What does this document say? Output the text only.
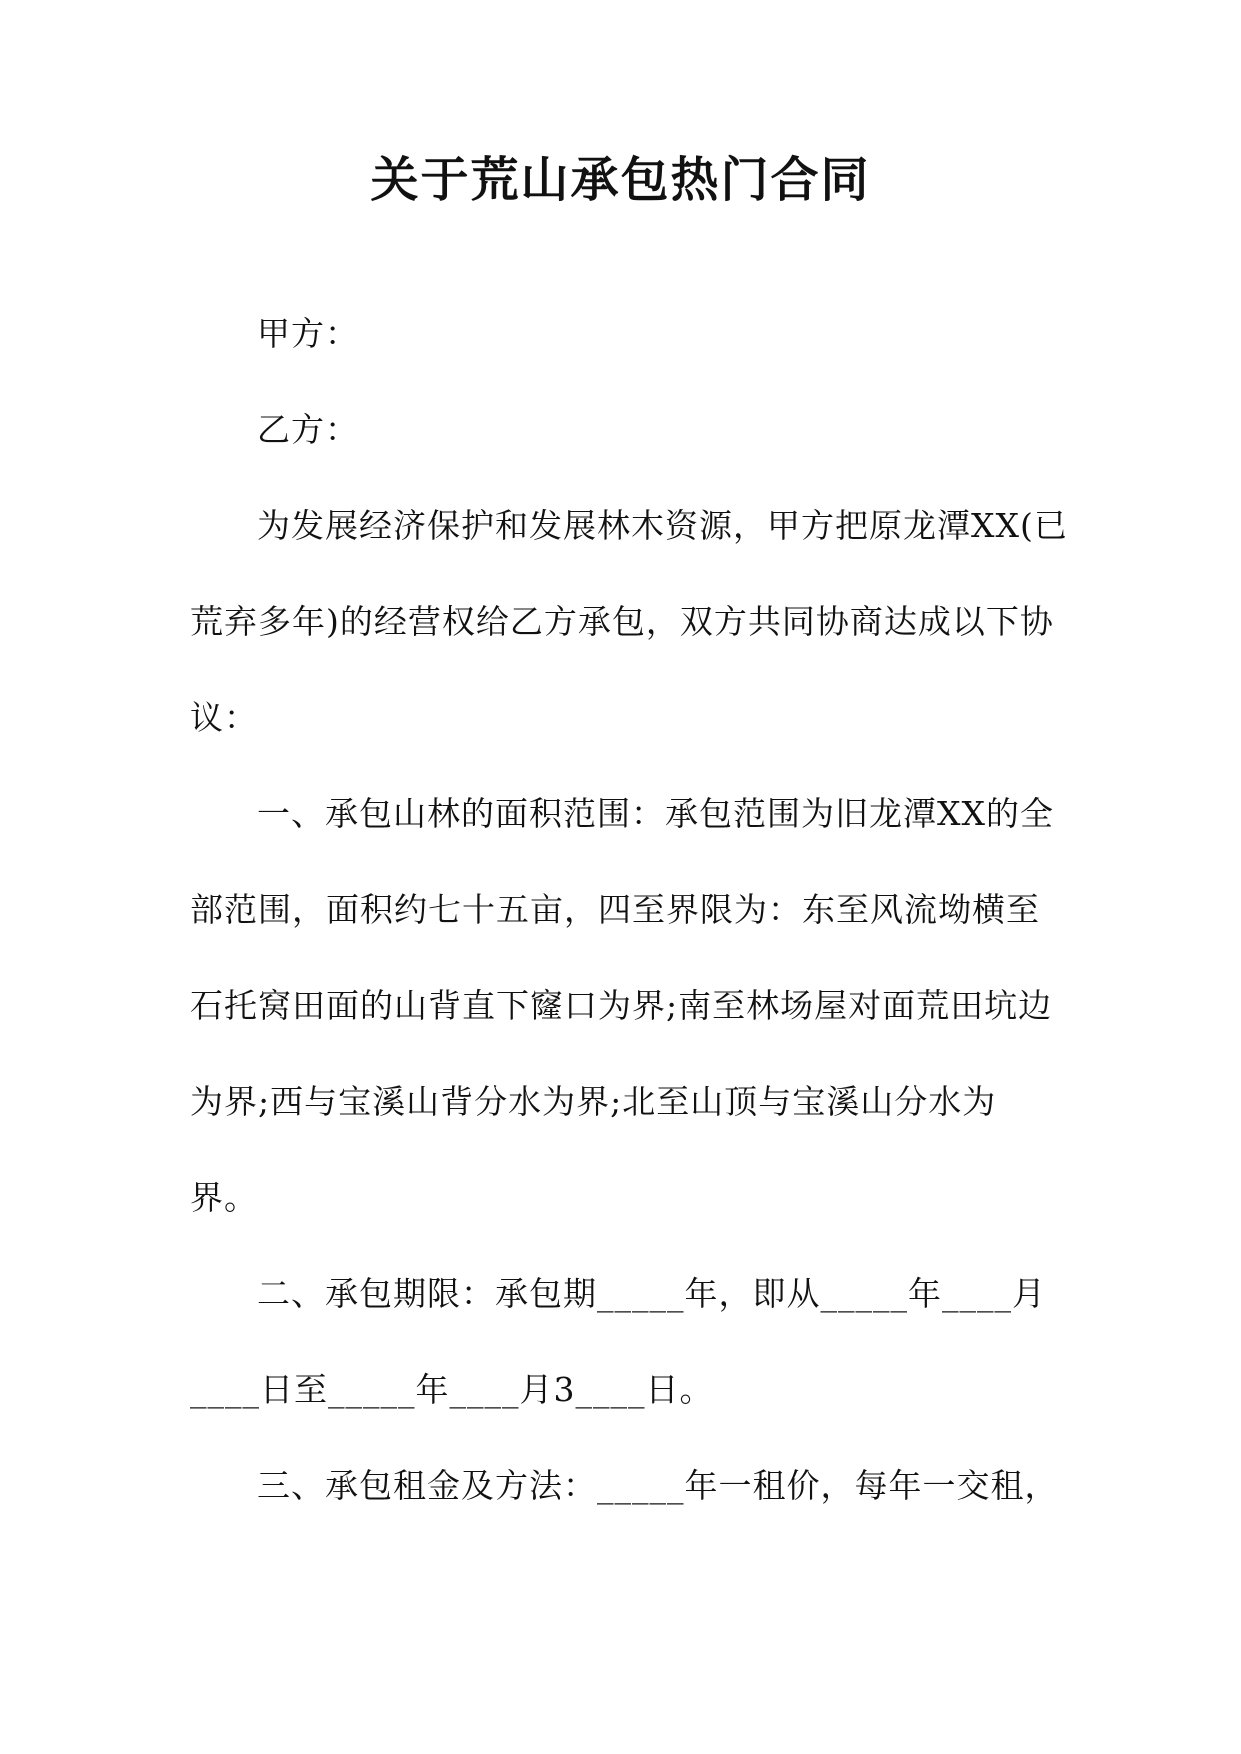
关于荒山承包热门合同
甲方：
乙方：
为发展经济保护和发展林木资源，甲方把原龙潭XX(已
荒弃多年)的经营权给乙方承包，双方共同协商达成以下协
议：
一、承包山林的面积范围：承包范围为旧龙潭XX的全
部范围，面积约七十五亩，四至界限为：东至风流坳横至
石托窝田面的山背直下窿口为界;南至林场屋对面荒田坑边
为界;西与宝溪山背分水为界;北至山顶与宝溪山分水为
界。
二、承包期限：承包期_____年，即从_____年____月
____日至_____年____月3____日。
三、承包租金及方法：_____年一租价，每年一交租，
